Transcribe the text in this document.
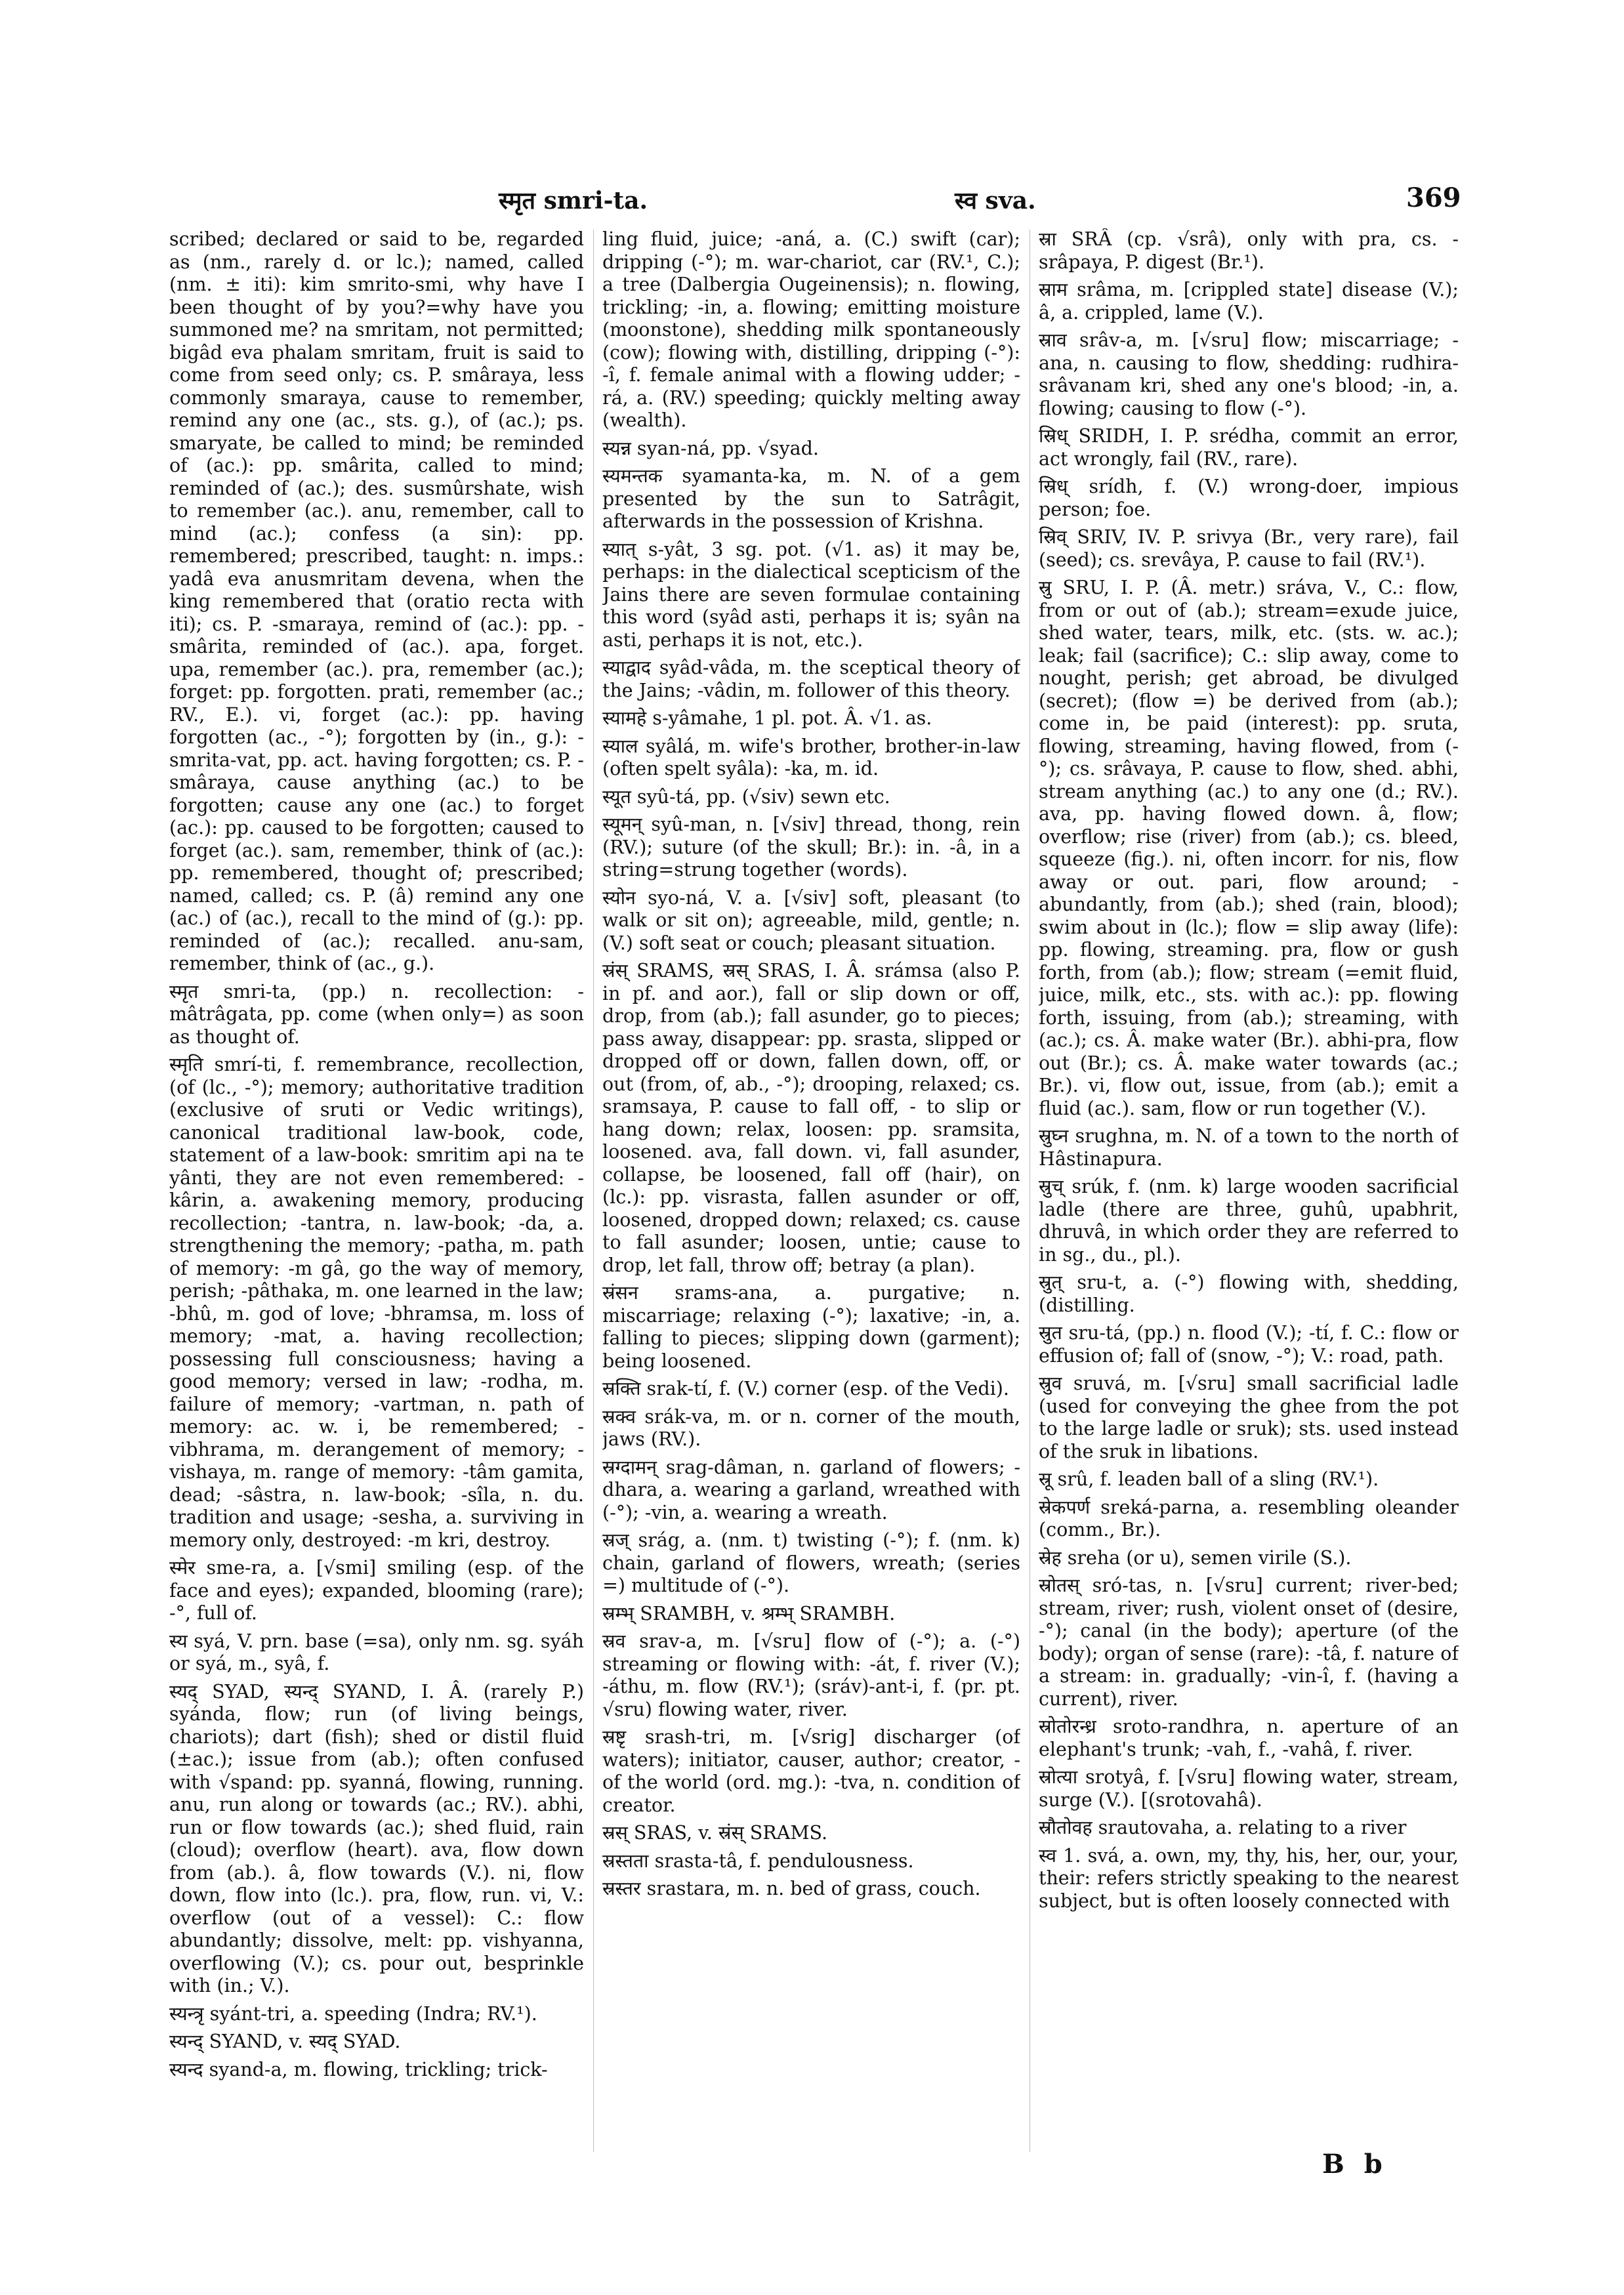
स्मृत smri-ta.	स्व sva.	369

scribed; declared or said to be, regarded as (nm., rarely d. or lc.); named, called (nm. ± iti): kim smrito-smi, why have I been thought of by you?=why have you summoned me? na smritam, not permitted; bigâd eva phalam smritam, fruit is said to come from seed only; cs. P. smâraya, less commonly smaraya, cause to remember, remind any one (ac., sts. g.), of (ac.); ps. smaryate, be called to mind; be reminded of (ac.): pp. smârita, called to mind; reminded of (ac.); des. susmûrshate, wish to remember (ac.). anu, remember, call to mind (ac.); confess (a sin): pp. remembered; prescribed, taught: n. imps.: yadâ eva anusmritam devena, when the king remembered that (oratio recta with iti); cs. P. -smaraya, remind of (ac.): pp. -smârita, reminded of (ac.). apa, forget. upa, remember (ac.). pra, remember (ac.); forget: pp. forgotten. prati, remember (ac.; RV., E.). vi, forget (ac.): pp. having forgotten (ac., -°); forgotten by (in., g.): -smrita-vat, pp. act. having forgotten; cs. P. -smâraya, cause anything (ac.) to be forgotten; cause any one (ac.) to forget (ac.): pp. caused to be forgotten; caused to forget (ac.). sam, remember, think of (ac.): pp. remembered, thought of; prescribed; named, called; cs. P. (â) remind any one (ac.) of (ac.), recall to the mind of (g.): pp. reminded of (ac.); recalled. anu-sam, remember, think of (ac., g.).

स्मृत smri-ta, (pp.) n. recollection: -mâtrâgata, pp. come (when only=) as soon as thought of.

स्मृति smrí-ti, f. remembrance, recollection, (of (lc., -°); memory; authoritative tradition (exclusive of sruti or Vedic writings), canonical traditional law-book, code, statement of a law-book: smritim api na te yânti, they are not even remembered: -kârin, a. awakening memory, producing recollection; -tantra, n. law-book; -da, a. strengthening the memory; -patha, m. path of memory: -m gâ, go the way of memory, perish; -pâthaka, m. one learned in the law; -bhû, m. god of love; -bhramsa, m. loss of memory; -mat, a. having recollection; possessing full consciousness; having a good memory; versed in law; -rodha, m. failure of memory; -vartman, n. path of memory: ac. w. i, be remembered; -vibhrama, m. derangement of memory; -vishaya, m. range of memory: -tâm gamita, dead; -sâstra, n. law-book; -sîla, n. du. tradition and usage; -sesha, a. surviving in memory only, destroyed: -m kri, destroy.

स्मेर sme-ra, a. [√smi] smiling (esp. of the face and eyes); expanded, blooming (rare); -°, full of.

स्य syá, V. prn. base (=sa), only nm. sg. syáh or syá, m., syâ, f.

स्यद् SYAD, स्यन्द् SYAND, I. Â. (rarely P.) syánda, flow; run (of living beings, chariots); dart (fish); shed or distil fluid (±ac.); issue from (ab.); often confused with √spand: pp. syanná, flowing, running. anu, run along or towards (ac.; RV.). abhi, run or flow towards (ac.); shed fluid, rain (cloud); overflow (heart). ava, flow down from (ab.). â, flow towards (V.). ni, flow down, flow into (lc.). pra, flow, run. vi, V.: overflow (out of a vessel): C.: flow abundantly; dissolve, melt: pp. vishyanna, overflowing (V.); cs. pour out, besprinkle with (in.; V.).

स्यन्त्रृ syánt-tri, a. speeding (Indra; RV.¹).

स्यन्द् SYAND, v. स्यद् SYAD.

स्यन्द syand-a, m. flowing, trickling; trick-

ling fluid, juice; -aná, a. (C.) swift (car); dripping (-°); m. war-chariot, car (RV.¹, C.); a tree (Dalbergia Ougeinensis); n. flowing, trickling; -in, a. flowing; emitting moisture (moonstone), shedding milk spontaneously (cow); flowing with, distilling, dripping (-°): -î, f. female animal with a flowing udder; -rá, a. (RV.) speeding; quickly melting away (wealth).

स्यन्न syan-ná, pp. √syad.

स्यमन्तक syamanta-ka, m. N. of a gem presented by the sun to Satrâgit, afterwards in the possession of Krishna.

स्यात् s-yât, 3 sg. pot. (√1. as) it may be, perhaps: in the dialectical scepticism of the Jains there are seven formulae containing this word (syâd asti, perhaps it is; syân na asti, perhaps it is not, etc.).

स्याद्वाद syâd-vâda, m. the sceptical theory of the Jains; -vâdin, m. follower of this theory.

स्यामहे s-yâmahe, 1 pl. pot. Â. √1. as.

स्याल syâlá, m. wife's brother, brother-in-law (often spelt syâla): -ka, m. id.

स्यूत syû-tá, pp. (√siv) sewn etc.

स्यूमन् syû-man, n. [√siv] thread, thong, rein (RV.); suture (of the skull; Br.): in. -â, in a string=strung together (words).

स्योन syo-ná, V. a. [√siv] soft, pleasant (to walk or sit on); agreeable, mild, gentle; n. (V.) soft seat or couch; pleasant situation.

स्रंस् SRAMS, स्रस् SRAS, I. Â. srámsa (also P. in pf. and aor.), fall or slip down or off, drop, from (ab.); fall asunder, go to pieces; pass away, disappear: pp. srasta, slipped or dropped off or down, fallen down, off, or out (from, of, ab., -°); drooping, relaxed; cs. sramsaya, P. cause to fall off, - to slip or hang down; relax, loosen: pp. sramsita, loosened. ava, fall down. vi, fall asunder, collapse, be loosened, fall off (hair), on (lc.): pp. visrasta, fallen asunder or off, loosened, dropped down; relaxed; cs. cause to fall asunder; loosen, untie; cause to drop, let fall, throw off; betray (a plan).

स्रंसन srams-ana, a. purgative; n. miscarriage; relaxing (-°); laxative; -in, a. falling to pieces; slipping down (garment); being loosened.

स्रक्ति srak-tí, f. (V.) corner (esp. of the Vedi).

स्रक्व srák-va, m. or n. corner of the mouth, jaws (RV.).

स्रग्दामन् srag-dâman, n. garland of flowers; -dhara, a. wearing a garland, wreathed with (-°); -vin, a. wearing a wreath.

स्रज् srág, a. (nm. t) twisting (-°); f. (nm. k) chain, garland of flowers, wreath; (series =) multitude of (-°).

स्रम्भ् SRAMBH, v. श्रम्भ् SRAMBH.

स्रव srav-a, m. [√sru] flow of (-°); a. (-°) streaming or flowing with: -át, f. river (V.); -áthu, m. flow (RV.¹); (sráv)-ant-i, f. (pr. pt. √sru) flowing water, river.

स्रष्टृ srash-tri, m. [√srig] discharger (of waters); initiator, causer, author; creator, - of the world (ord. mg.): -tva, n. condition of creator.

स्रस् SRAS, v. स्रंस् SRAMS.

स्रस्तता srasta-tâ, f. pendulousness.

स्रस्तर srastara, m. n. bed of grass, couch.

स्रा SRÂ (cp. √srâ), only with pra, cs. -srâpaya, P. digest (Br.¹).

स्राम srâma, m. [crippled state] disease (V.); â, a. crippled, lame (V.).

स्राव srâv-a, m. [√sru] flow; miscarriage; -ana, n. causing to flow, shedding: rudhira-srâvanam kri, shed any one's blood; -in, a. flowing; causing to flow (-°).

स्रिध् SRIDH, I. P. srédha, commit an error, act wrongly, fail (RV., rare).

स्रिध् srídh, f. (V.) wrong-doer, impious person; foe.

स्रिव् SRIV, IV. P. srivya (Br., very rare), fail (seed); cs. srevâya, P. cause to fail (RV.¹).

स्रु SRU, I. P. (Â. metr.) sráva, V., C.: flow, from or out of (ab.); stream=exude juice, shed water, tears, milk, etc. (sts. w. ac.); leak; fail (sacrifice); C.: slip away, come to nought, perish; get abroad, be divulged (secret); (flow =) be derived from (ab.); come in, be paid (interest): pp. sruta, flowing, streaming, having flowed, from (-°); cs. srâvaya, P. cause to flow, shed. abhi, stream anything (ac.) to any one (d.; RV.). ava, pp. having flowed down. â, flow; overflow; rise (river) from (ab.); cs. bleed, squeeze (fig.). ni, often incorr. for nis, flow away or out. pari, flow around; - abundantly, from (ab.); shed (rain, blood); swim about in (lc.); flow = slip away (life): pp. flowing, streaming. pra, flow or gush forth, from (ab.); flow; stream (=emit fluid, juice, milk, etc., sts. with ac.): pp. flowing forth, issuing, from (ab.); streaming, with (ac.); cs. Â. make water (Br.). abhi-pra, flow out (Br.); cs. Â. make water towards (ac.; Br.). vi, flow out, issue, from (ab.); emit a fluid (ac.). sam, flow or run together (V.).

स्रुघ्न srughna, m. N. of a town to the north of Hâstinapura.

स्रुच् srúk, f. (nm. k) large wooden sacrificial ladle (there are three, guhû, upabhrit, dhruvâ, in which order they are referred to in sg., du., pl.).

स्रुत् sru-t, a. (-°) flowing with, shedding, (distilling.

स्रुत sru-tá, (pp.) n. flood (V.); -tí, f. C.: flow or effusion of; fall of (snow, -°); V.: road, path.

स्रुव sruvá, m. [√sru] small sacrificial ladle (used for conveying the ghee from the pot to the large ladle or sruk); sts. used instead of the sruk in libations.

स्रू srû, f. leaden ball of a sling (RV.¹).

स्रेकपर्ण sreká-parna, a. resembling oleander (comm., Br.).

स्रेह sreha (or u), semen virile (S.).

स्रोतस् sró-tas, n. [√sru] current; river-bed; stream, river; rush, violent onset of (desire, -°); canal (in the body); aperture (of the body); organ of sense (rare): -tâ, f. nature of a stream: in. gradually; -vin-î, f. (having a current), river.

स्रोतोरन्ध्र sroto-randhra, n. aperture of an elephant's trunk; -vah, f., -vahâ, f. river.

स्रोत्या srotyâ, f. [√sru] flowing water, stream, surge (V.). [(srotovahâ).

स्रौतोवह srautovaha, a. relating to a river

स्व 1. svá, a. own, my, thy, his, her, our, your, their: refers strictly speaking to the nearest subject, but is often loosely connected with

B b
